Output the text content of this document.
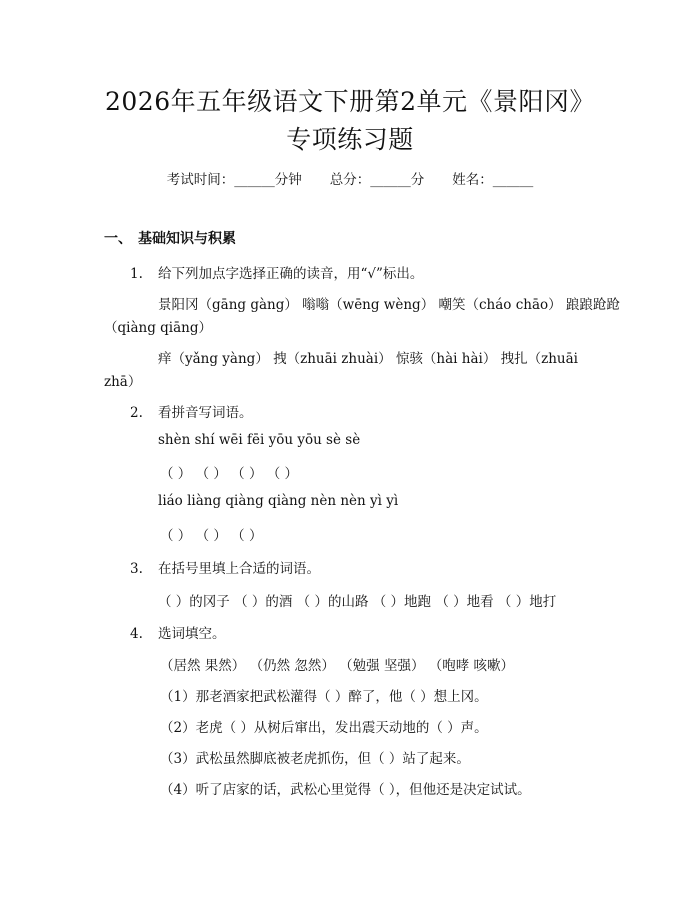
2026年五年级语文下册第2单元《景阳冈》
专项练习题
考试时间：______分钟 总分：______分 姓名：______
一、 基础知识与积累
1. 给下列加点字选择正确的读音，用“√”标出。
景阳冈（gāng gàng） 嗡嗡（wēng wèng） 嘲笑（cháo chāo） 踉踉跄跄
（qiàng qiāng）
痒（yǎng yàng） 拽（zhuāi zhuài） 惊骇（hài hài） 拽扎（zhuāi
zhā）
2. 看拼音写词语。
shèn shí wēi fēi yōu yōu sè sè
（ ） （ ） （ ） （ ）
liáo liàng qiàng qiàng nèn nèn yì yì
（ ） （ ） （ ）
3. 在括号里填上合适的词语。
（ ）的冈子 （ ）的酒 （ ）的山路 （ ）地跑 （ ）地看 （ ）地打
4. 选词填空。
（居然 果然） （仍然 忽然） （勉强 坚强） （咆哮 咳嗽）
（1）那老酒家把武松灌得（ ）醉了，他（ ）想上冈。
（2）老虎（ ）从树后窜出，发出震天动地的（ ）声。
（3）武松虽然脚底被老虎抓伤，但（ ）站了起来。
（4）听了店家的话，武松心里觉得（ ），但他还是决定试试。
